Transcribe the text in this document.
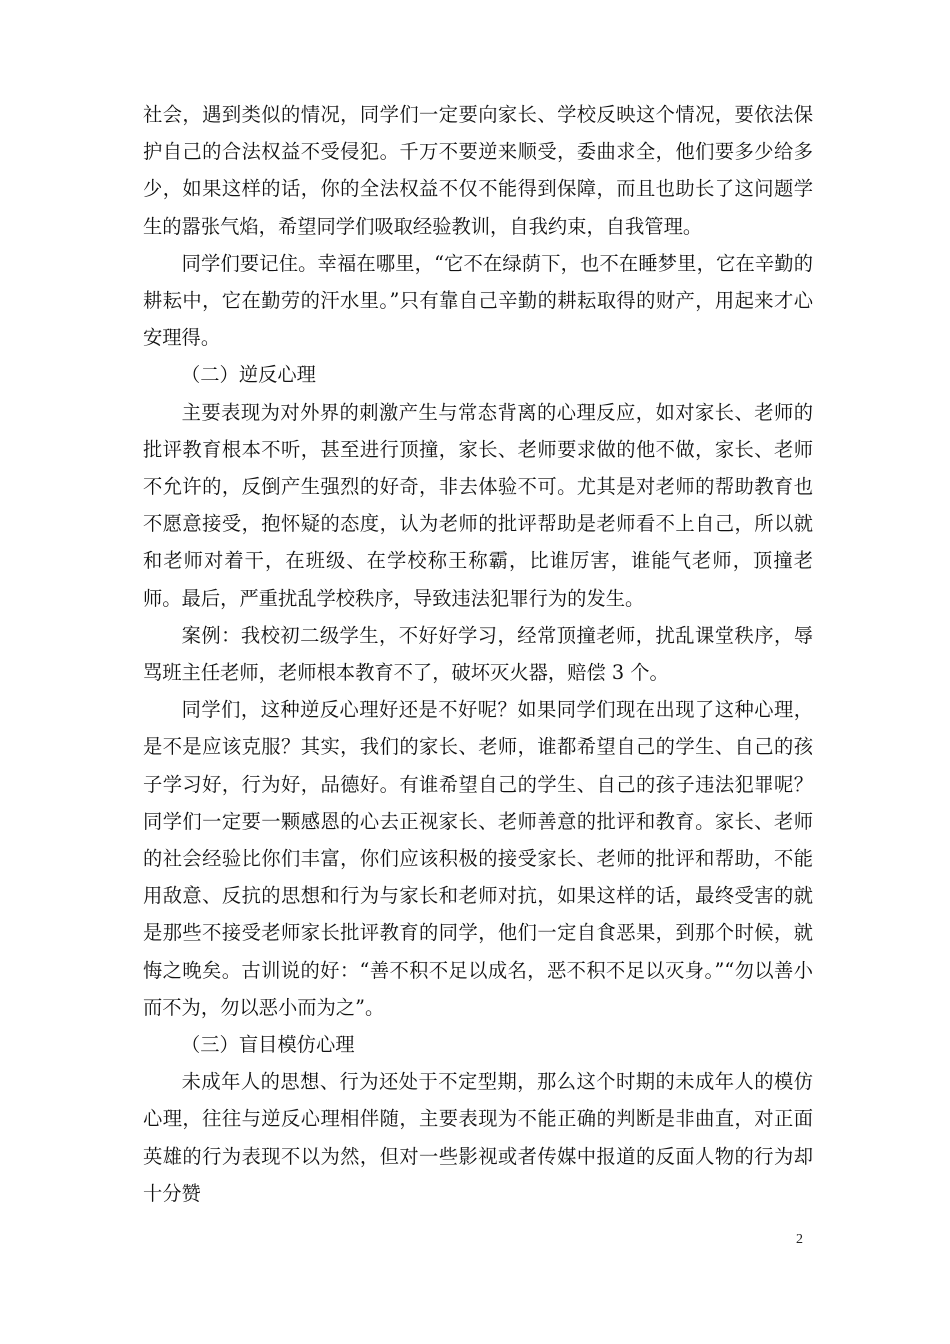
社会，遇到类似的情况，同学们一定要向家长、学校反映这个情况，要依法保护自己的合法权益不受侵犯。千万不要逆来顺受，委曲求全，他们要多少给多少，如果这样的话，你的全法权益不仅不能得到保障，而且也助长了这问题学生的嚣张气焰，希望同学们吸取经验教训，自我约束，自我管理。

同学们要记住。幸福在哪里，“它不在绿荫下，也不在睡梦里，它在辛勤的耕耘中，它在勤劳的汗水里。”只有靠自己辛勤的耕耘取得的财产，用起来才心安理得。

（二）逆反心理

主要表现为对外界的刺激产生与常态背离的心理反应，如对家长、老师的批评教育根本不听，甚至进行顶撞，家长、老师要求做的他不做，家长、老师不允许的，反倒产生强烈的好奇，非去体验不可。尤其是对老师的帮助教育也不愿意接受，抱怀疑的态度，认为老师的批评帮助是老师看不上自己，所以就和老师对着干，在班级、在学校称王称霸，比谁厉害，谁能气老师，顶撞老师。最后，严重扰乱学校秩序，导致违法犯罪行为的发生。

案例：我校初二级学生，不好好学习，经常顶撞老师，扰乱课堂秩序，辱骂班主任老师，老师根本教育不了，破坏灭火器，赔偿 3 个。

同学们，这种逆反心理好还是不好呢？如果同学们现在出现了这种心理，是不是应该克服？其实，我们的家长、老师，谁都希望自己的学生、自己的孩子学习好，行为好，品德好。有谁希望自己的学生、自己的孩子违法犯罪呢？同学们一定要一颗感恩的心去正视家长、老师善意的批评和教育。家长、老师的社会经验比你们丰富，你们应该积极的接受家长、老师的批评和帮助，不能用敌意、反抗的思想和行为与家长和老师对抗，如果这样的话，最终受害的就是那些不接受老师家长批评教育的同学，他们一定自食恶果，到那个时候，就悔之晚矣。古训说的好：“善不积不足以成名，恶不积不足以灭身。”“勿以善小而不为，勿以恶小而为之”。

（三）盲目模仿心理

未成年人的思想、行为还处于不定型期，那么这个时期的未成年人的模仿心理，往往与逆反心理相伴随，主要表现为不能正确的判断是非曲直，对正面英雄的行为表现不以为然，但对一些影视或者传媒中报道的反面人物的行为却十分赞

2
